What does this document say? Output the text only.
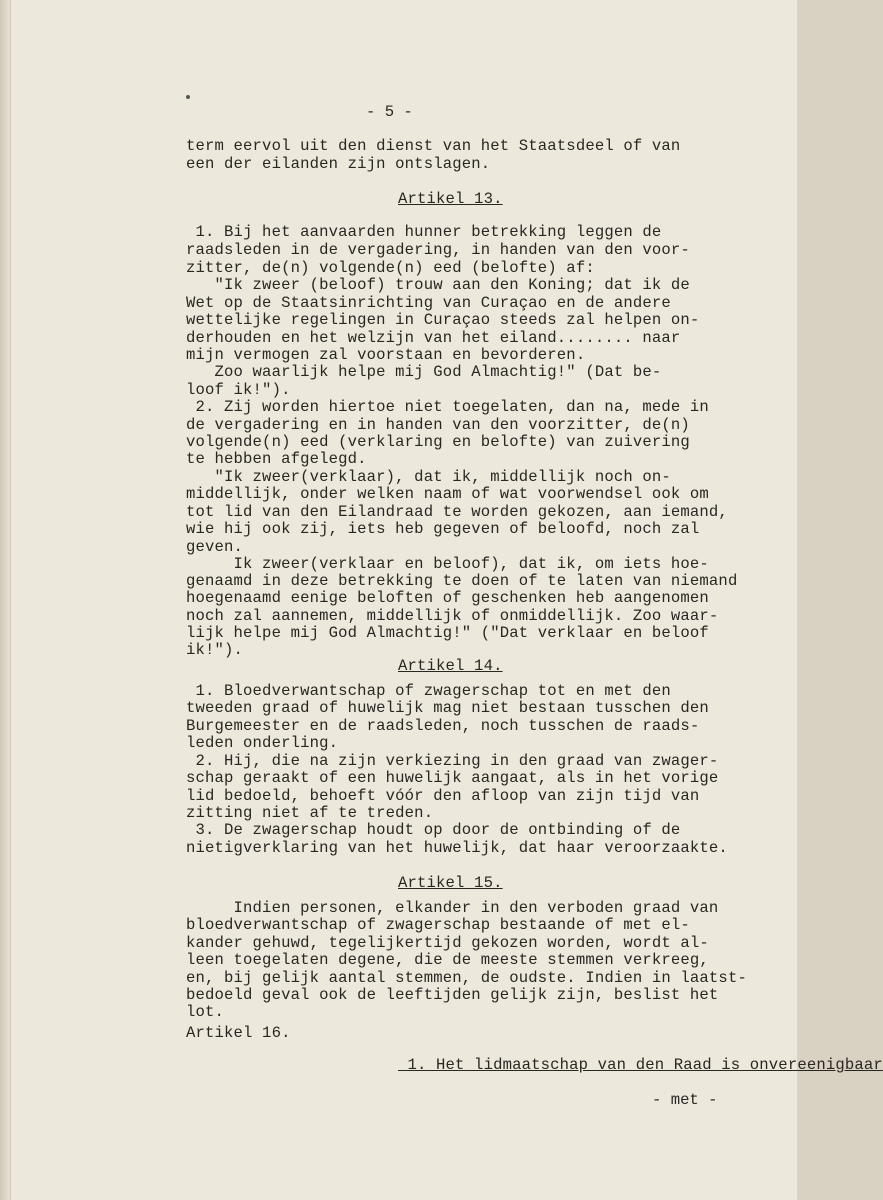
- 5 -
term eervol uit den dienst van het Staatsdeel of van
een der eilanden zijn ontslagen.
Artikel 13.
1. Bij het aanvaarden hunner betrekking leggen de
raadsleden in de vergadering, in handen van den voor-
zitter, de(n) volgende(n) eed (belofte) af:
"Ik zweer (beloof) trouw aan den Koning; dat ik de
Wet op de Staatsinrichting van Curaçao en de andere
wettelijke regelingen in Curaçao steeds zal helpen on-
derhouden en het welzijn van het eiland........ naar
mijn vermogen zal voorstaan en bevorderen.
Zoo waarlijk helpe mij God Almachtig!" (Dat be-
loof ik!").
2. Zij worden hiertoe niet toegelaten, dan na, mede in
de vergadering en in handen van den voorzitter, de(n)
volgende(n) eed (verklaring en belofte) van zuivering
te hebben afgelegd.
"Ik zweer(verklaar), dat ik, middellijk noch on-
middellijk, onder welken naam of wat voorwendsel ook om
tot lid van den Eilandraad te worden gekozen, aan iemand,
wie hij ook zij, iets heb gegeven of beloofd, noch zal
geven.
Ik zweer(verklaar en beloof), dat ik, om iets hoe-
genaamd in deze betrekking te doen of te laten van niemand
hoegenaamd eenige beloften of geschenken heb aangenomen
noch zal aannemen, middellijk of onmiddellijk. Zoo waar-
lijk helpe mij God Almachtig!" ("Dat verklaar en beloof
ik!").
Artikel 14.
1. Bloedverwantschap of zwagerschap tot en met den
tweeden graad of huwelijk mag niet bestaan tusschen den
Burgemeester en de raadsleden, noch tusschen de raads-
leden onderling.
2. Hij, die na zijn verkiezing in den graad van zwager-
schap geraakt of een huwelijk aangaat, als in het vorige
lid bedoeld, behoeft vóór den afloop van zijn tijd van
zitting niet af te treden.
3. De zwagerschap houdt op door de ontbinding of de
nietigverklaring van het huwelijk, dat haar veroorzaakte.
Artikel 15.
Indien personen, elkander in den verboden graad van
bloedverwantschap of zwagerschap bestaande of met el-
kander gehuwd, tegelijkertijd gekozen worden, wordt al-
leen toegelaten degene, die de meeste stemmen verkreeg,
en, bij gelijk aantal stemmen, de oudste. Indien in laatst-
bedoeld geval ook de leeftijden gelijk zijn, beslist het
lot.
Artikel 16.
1. Het lidmaatschap van den Raad is onvereenigbaar
- met -
